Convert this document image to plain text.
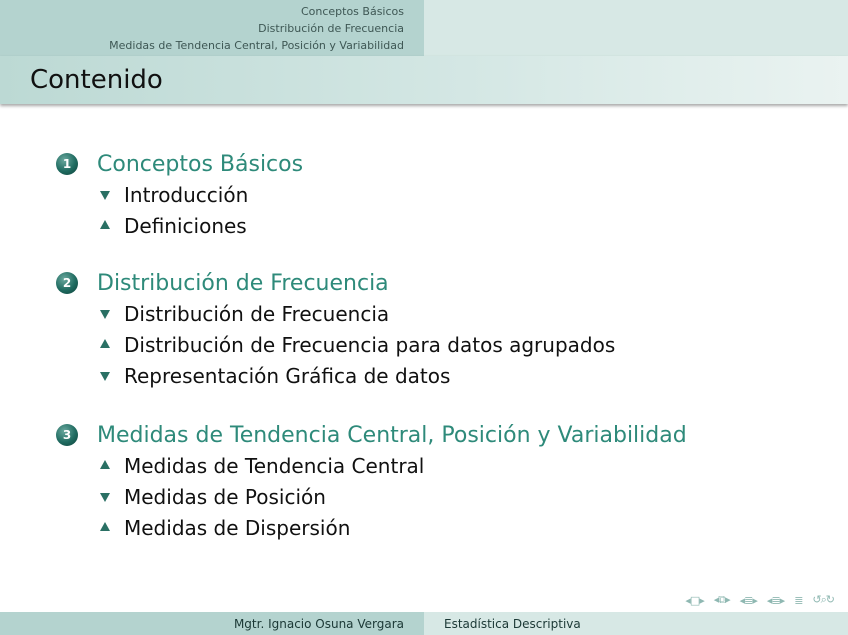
Conceptos Básicos
Distribución de Frecuencia
Medidas de Tendencia Central, Posición y Variabilidad
Contenido
1	Conceptos Básicos
Introducción
Definiciones
2	Distribución de Frecuencia
Distribución de Frecuencia
Distribución de Frecuencia para datos agrupados
Representación Gráfica de datos
3	Medidas de Tendencia Central, Posición y Variabilidad
Medidas de Tendencia Central
Medidas de Posición
Medidas de Dispersión
◂□▸ ◂⧉▸ ◂≣▸ ◂≣▸ ≣ ↺⌕↻
Mgtr. Ignacio Osuna Vergara	Estadística Descriptiva
